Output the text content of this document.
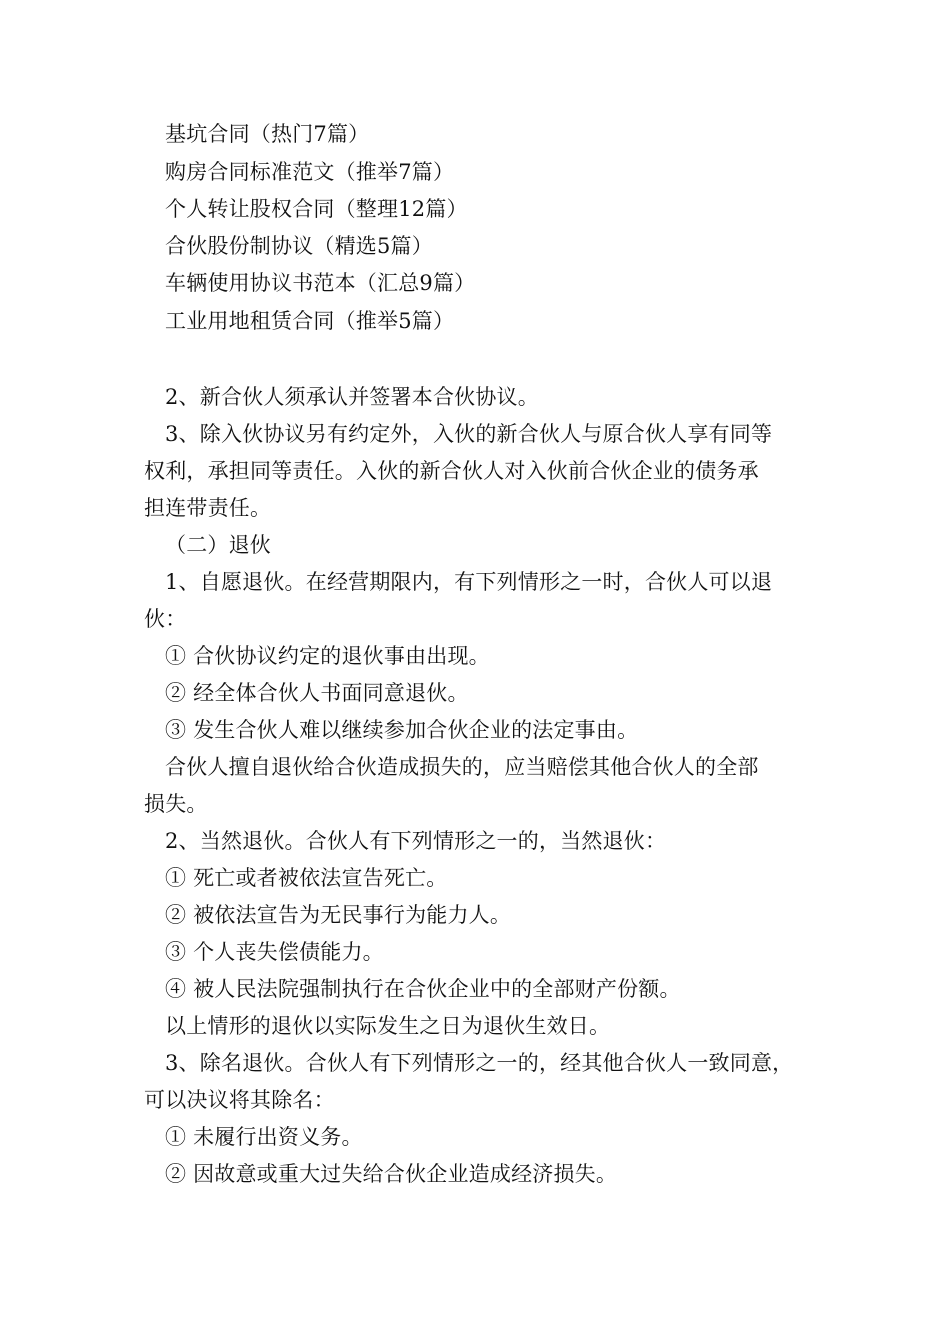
基坑合同（热门7篇）
购房合同标准范文（推举7篇）
个人转让股权合同（整理12篇）
合伙股份制协议（精选5篇）
车辆使用协议书范本（汇总9篇）
工业用地租赁合同（推举5篇）
2、新合伙人须承认并签署本合伙协议。
3、除入伙协议另有约定外，入伙的新合伙人与原合伙人享有同等
权利，承担同等责任。入伙的新合伙人对入伙前合伙企业的债务承
担连带责任。
（二）退伙
1、自愿退伙。在经营期限内，有下列情形之一时，合伙人可以退
伙：
① 合伙协议约定的退伙事由出现。
② 经全体合伙人书面同意退伙。
③ 发生合伙人难以继续参加合伙企业的法定事由。
合伙人擅自退伙给合伙造成损失的，应当赔偿其他合伙人的全部
损失。
2、当然退伙。合伙人有下列情形之一的，当然退伙：
① 死亡或者被依法宣告死亡。
② 被依法宣告为无民事行为能力人。
③ 个人丧失偿债能力。
④ 被人民法院强制执行在合伙企业中的全部财产份额。
以上情形的退伙以实际发生之日为退伙生效日。
3、除名退伙。合伙人有下列情形之一的，经其他合伙人一致同意，
可以决议将其除名：
① 未履行出资义务。
② 因故意或重大过失给合伙企业造成经济损失。
